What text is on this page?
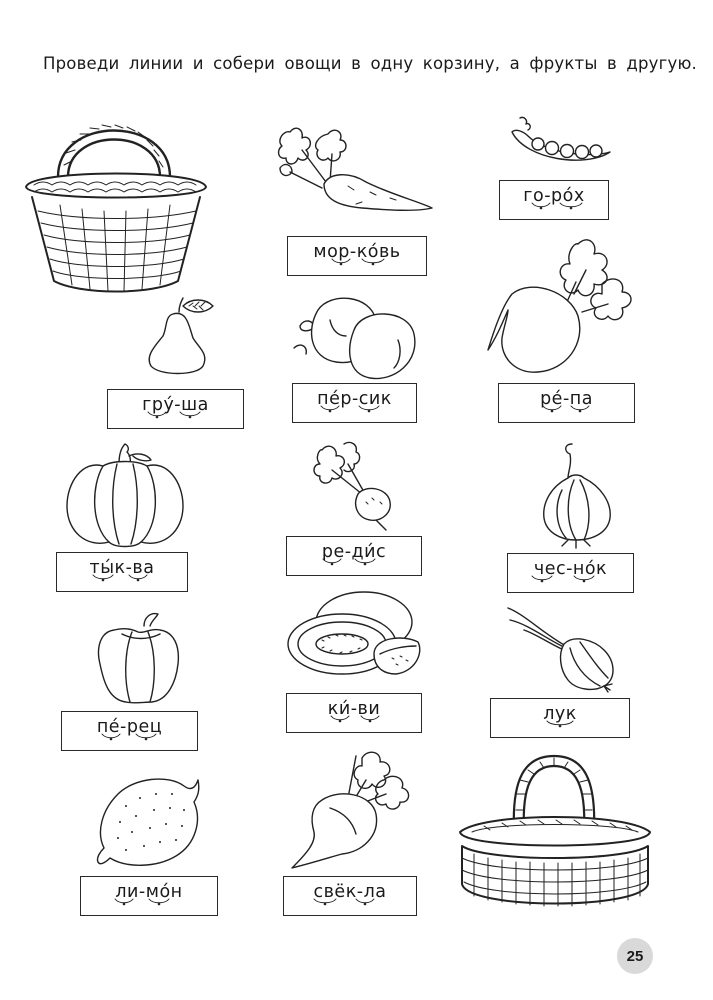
Проведи линии и собери овощи в одну корзину, а фрукты в другую.
мор-ко́вь
го-ро́х
гру́-ша	пе́р-сик	ре́-па
ты́к-ва
ре-ди́с
чес-но́к
пе́-рец
ки́-ви	лук
ли-мо́н	свёк-ла
25
